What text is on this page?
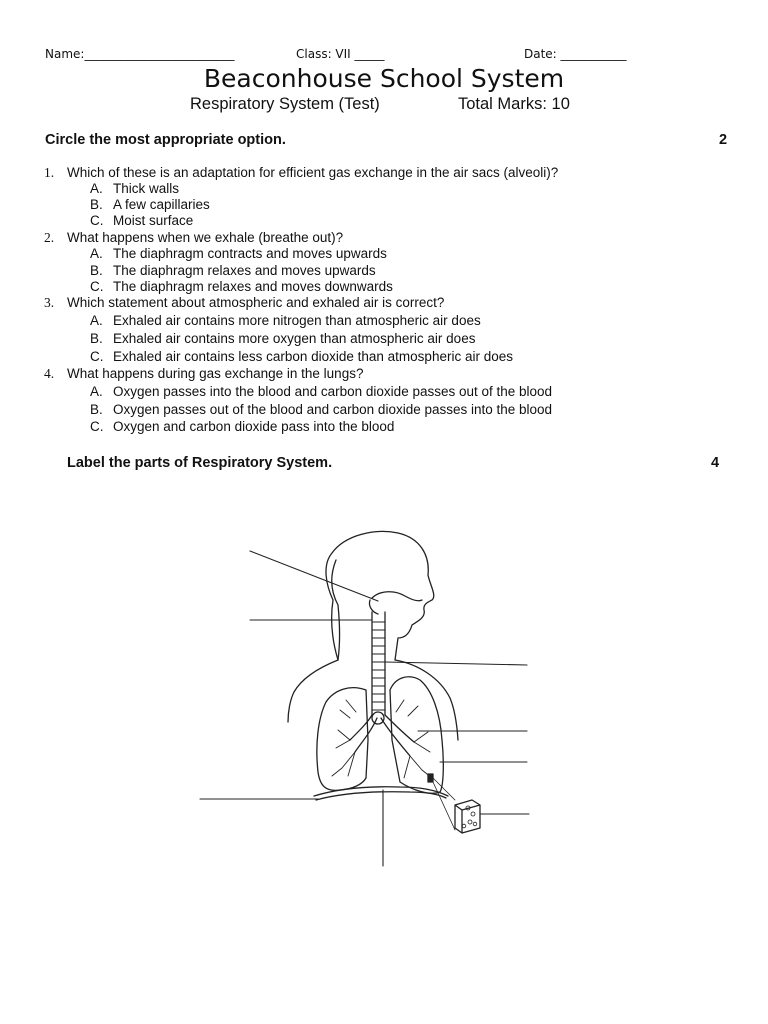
Name:_________________________	Class: VII _____	Date: ___________
Beaconhouse School System
Respiratory System (Test)	Total Marks: 10
Circle the most appropriate option.	2
1. Which of these is an adaptation for efficient gas exchange in the air sacs (alveoli)?
A. Thick walls
B. A few capillaries
C. Moist surface
2. What happens when we exhale (breathe out)?
A. The diaphragm contracts and moves upwards
B. The diaphragm relaxes and moves upwards
C. The diaphragm relaxes and moves downwards
3. Which statement about atmospheric and exhaled air is correct?
A. Exhaled air contains more nitrogen than atmospheric air does
B. Exhaled air contains more oxygen than atmospheric air does
C. Exhaled air contains less carbon dioxide than atmospheric air does
4. What happens during gas exchange in the lungs?
A. Oxygen passes into the blood and carbon dioxide passes out of the blood
B. Oxygen passes out of the blood and carbon dioxide passes into the blood
C. Oxygen and carbon dioxide pass into the blood
Label the parts of Respiratory System.	4
